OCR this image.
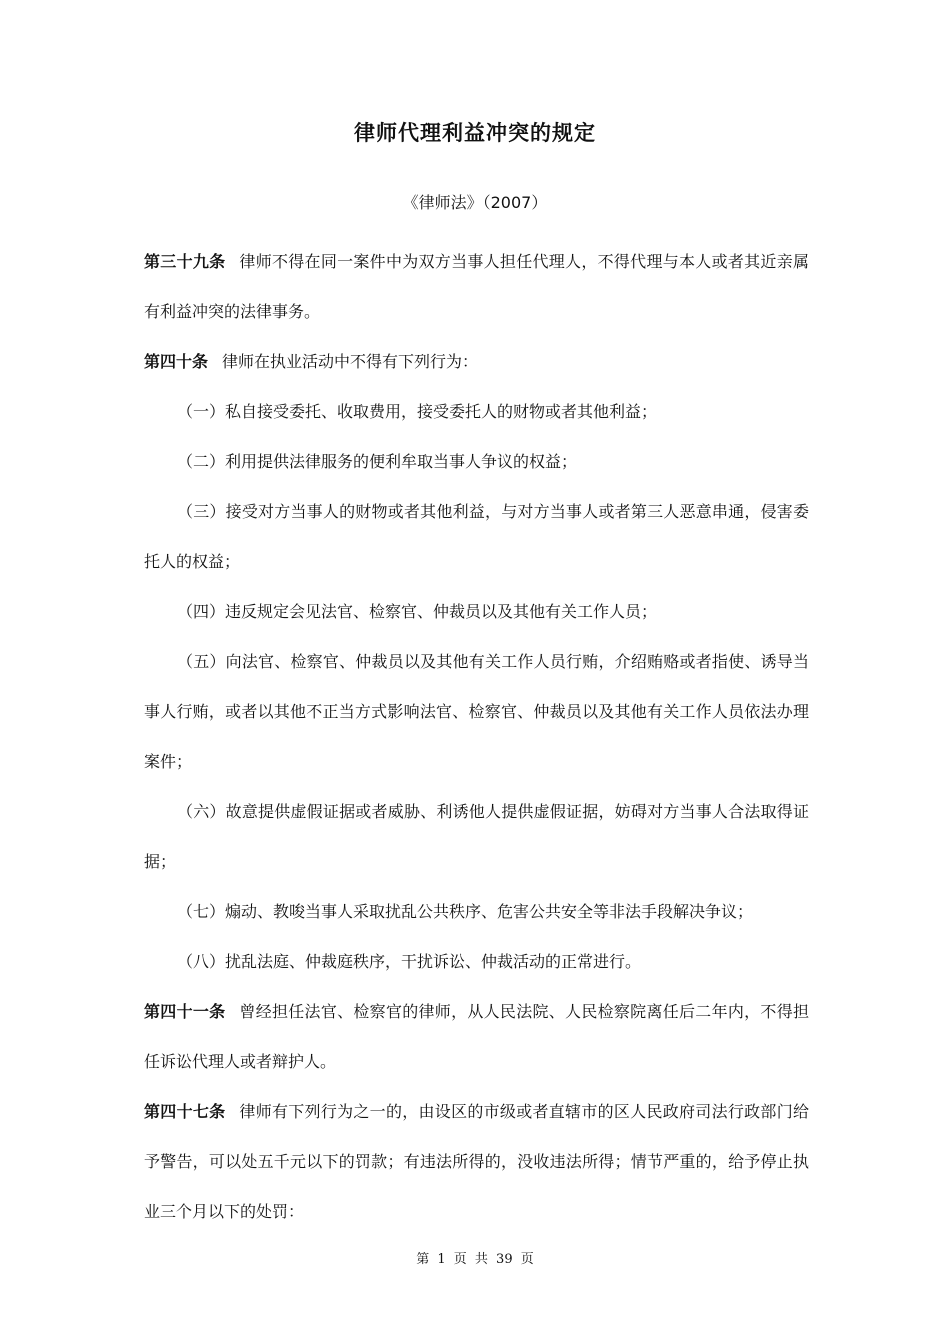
律师代理利益冲突的规定
《律师法》（2007）

第三十九条 律师不得在同一案件中为双方当事人担任代理人，不得代理与本人或者其近亲属有利益冲突的法律事务。

第四十条 律师在执业活动中不得有下列行为：

（一）私自接受委托、收取费用，接受委托人的财物或者其他利益；

（二）利用提供法律服务的便利牟取当事人争议的权益；

（三）接受对方当事人的财物或者其他利益，与对方当事人或者第三人恶意串通，侵害委托人的权益；

（四）违反规定会见法官、检察官、仲裁员以及其他有关工作人员；

（五）向法官、检察官、仲裁员以及其他有关工作人员行贿，介绍贿赂或者指使、诱导当事人行贿，或者以其他不正当方式影响法官、检察官、仲裁员以及其他有关工作人员依法办理案件；

（六）故意提供虚假证据或者威胁、利诱他人提供虚假证据，妨碍对方当事人合法取得证据；

（七）煽动、教唆当事人采取扰乱公共秩序、危害公共安全等非法手段解决争议；

（八）扰乱法庭、仲裁庭秩序，干扰诉讼、仲裁活动的正常进行。

第四十一条 曾经担任法官、检察官的律师，从人民法院、人民检察院离任后二年内，不得担任诉讼代理人或者辩护人。

第四十七条 律师有下列行为之一的，由设区的市级或者直辖市的区人民政府司法行政部门给予警告，可以处五千元以下的罚款；有违法所得的，没收违法所得；情节严重的，给予停止执业三个月以下的处罚：

第 1 页 共 39 页
